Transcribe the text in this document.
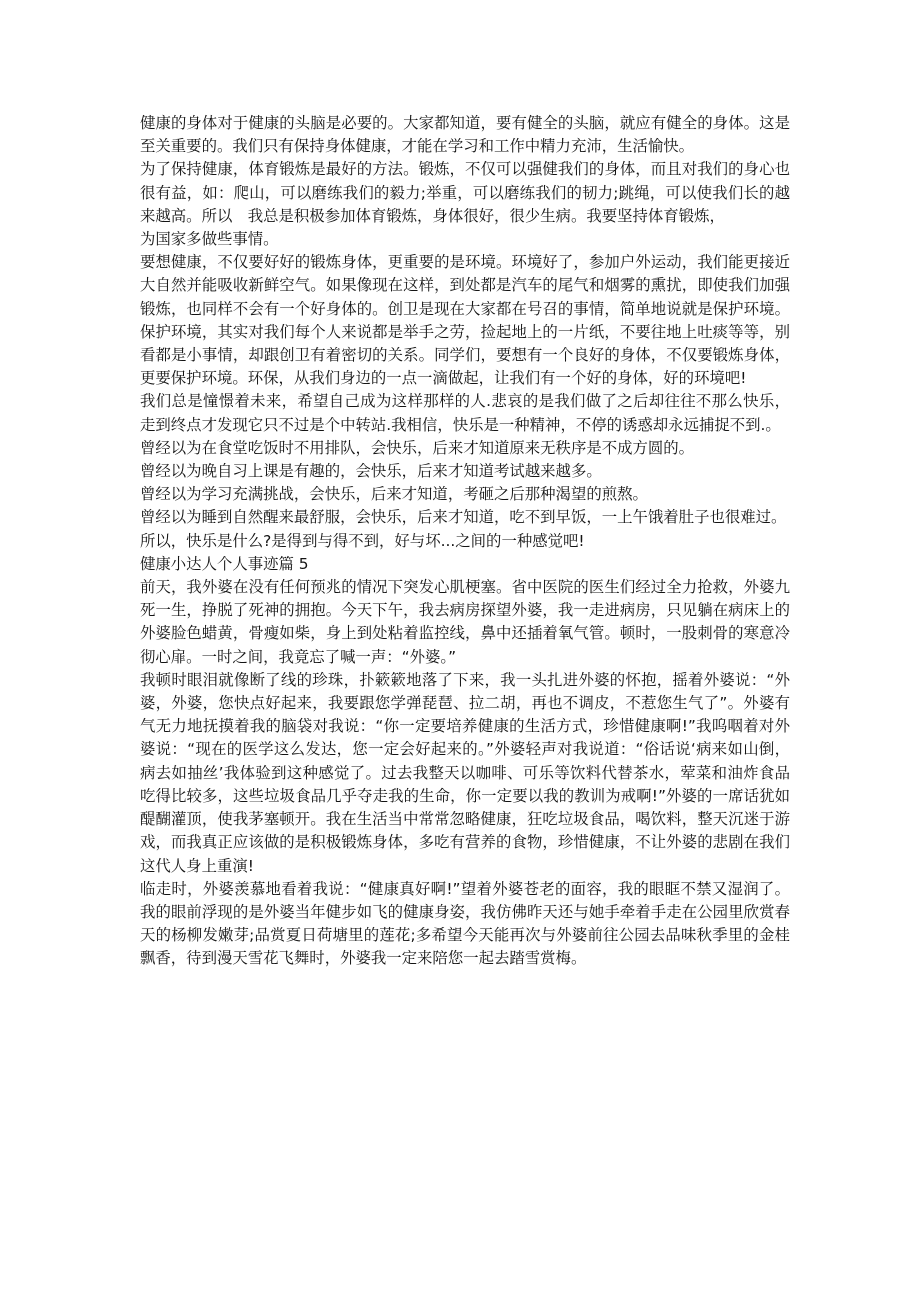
健康的身体对于健康的头脑是必要的。大家都知道，要有健全的头脑，就应有健全的身体。这是至关重要的。我们只有保持身体健康，才能在学习和工作中精力充沛，生活愉快。

为了保持健康，体育锻炼是最好的方法。锻炼，不仅可以强健我们的身体，而且对我们的身心也很有益，如：爬山，可以磨练我们的毅力;举重，可以磨练我们的韧力;跳绳，可以使我们长的越来越高。所以　我总是积极参加体育锻炼，身体很好，很少生病。我要坚持体育锻炼，

为国家多做些事情。

要想健康，不仅要好好的锻炼身体，更重要的是环境。环境好了，参加户外运动，我们能更接近大自然并能吸收新鲜空气。如果像现在这样，到处都是汽车的尾气和烟雾的熏扰，即使我们加强锻炼，也同样不会有一个好身体的。创卫是现在大家都在号召的事情，简单地说就是保护环境。保护环境，其实对我们每个人来说都是举手之劳，捡起地上的一片纸，不要往地上吐痰等等，别看都是小事情，却跟创卫有着密切的关系。同学们，要想有一个良好的身体，不仅要锻炼身体，更要保护环境。环保，从我们身边的一点一滴做起，让我们有一个好的身体，好的环境吧!

我们总是憧憬着未来，希望自己成为这样那样的人.悲哀的是我们做了之后却往往不那么快乐，走到终点才发现它只不过是个中转站.我相信，快乐是一种精神，不停的诱惑却永远捕捉不到.。

曾经以为在食堂吃饭时不用排队，会快乐，后来才知道原来无秩序是不成方圆的。

曾经以为晚自习上课是有趣的，会快乐，后来才知道考试越来越多。

曾经以为学习充满挑战，会快乐，后来才知道，考砸之后那种渴望的煎熬。

曾经以为睡到自然醒来最舒服，会快乐，后来才知道，吃不到早饭，一上午饿着肚子也很难过。

所以，快乐是什么?是得到与得不到，好与坏...之间的一种感觉吧!

健康小达人个人事迹篇 5

前天，我外婆在没有任何预兆的情况下突发心肌梗塞。省中医院的医生们经过全力抢救，外婆九死一生，挣脱了死神的拥抱。今天下午，我去病房探望外婆，我一走进病房，只见躺在病床上的外婆脸色蜡黄，骨瘦如柴，身上到处粘着监控线，鼻中还插着氧气管。顿时，一股刺骨的寒意冷彻心扉。一时之间，我竟忘了喊一声：“外婆。”

我顿时眼泪就像断了线的珍珠，扑簌簌地落了下来，我一头扎进外婆的怀抱，摇着外婆说：“外婆，外婆，您快点好起来，我要跟您学弹琵琶、拉二胡，再也不调皮，不惹您生气了”。外婆有气无力地抚摸着我的脑袋对我说：“你一定要培养健康的生活方式，珍惜健康啊!”我呜咽着对外婆说：“现在的医学这么发达，您一定会好起来的。”外婆轻声对我说道：“俗话说‘病来如山倒，病去如抽丝’我体验到这种感觉了。过去我整天以咖啡、可乐等饮料代替茶水，荤菜和油炸食品吃得比较多，这些垃圾食品几乎夺走我的生命，你一定要以我的教训为戒啊!”外婆的一席话犹如醍醐灌顶，使我茅塞顿开。我在生活当中常常忽略健康，狂吃垃圾食品，喝饮料，整天沉迷于游戏，而我真正应该做的是积极锻炼身体，多吃有营养的食物，珍惜健康，不让外婆的悲剧在我们这代人身上重演!

临走时，外婆羡慕地看着我说：“健康真好啊!”望着外婆苍老的面容，我的眼眶不禁又湿润了。我的眼前浮现的是外婆当年健步如飞的健康身姿，我仿佛昨天还与她手牵着手走在公园里欣赏春天的杨柳发嫩芽;品赏夏日荷塘里的莲花;多希望今天能再次与外婆前往公园去品味秋季里的金桂飘香，待到漫天雪花飞舞时，外婆我一定来陪您一起去踏雪赏梅。
